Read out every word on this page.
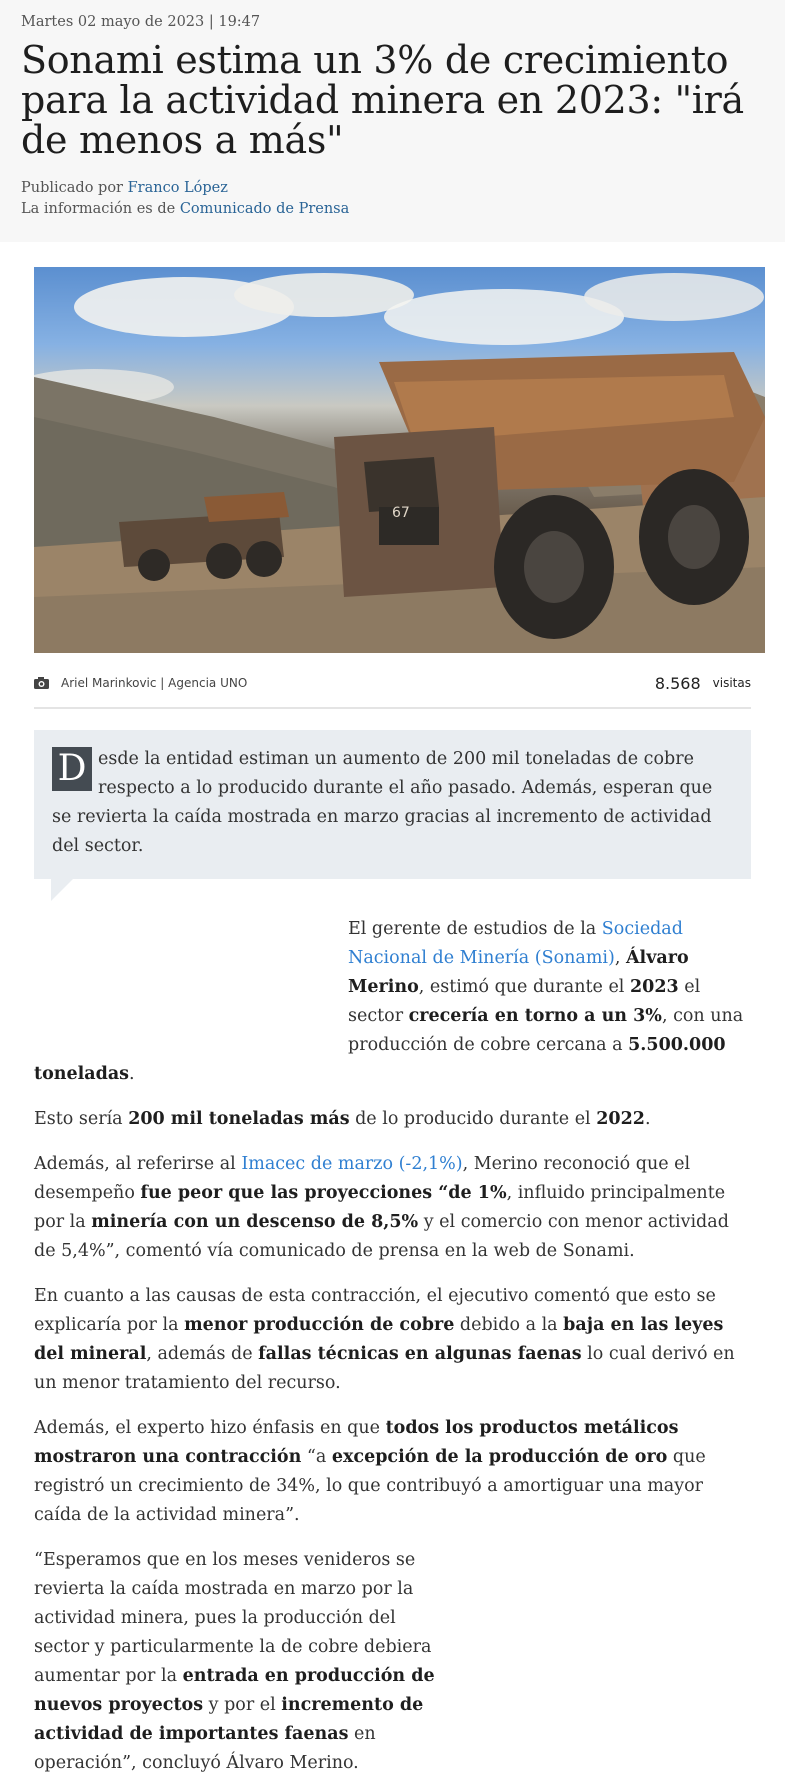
Martes 02 mayo de 2023 | 19:47
Sonami estima un 3% de crecimiento para la actividad minera en 2023: "irá de menos a más"
Publicado por Franco López
La información es de Comunicado de Prensa
67
Ariel Marinkovic | Agencia UNO	8.568 visitas
D esde la entidad estiman un aumento de 200 mil toneladas de cobre respecto a lo producido durante el año pasado. Además, esperan que se revierta la caída mostrada en marzo gracias al incremento de actividad del sector.

El gerente de estudios de la Sociedad Nacional de Minería (Sonami), Álvaro Merino, estimó que durante el 2023 el sector crecería en torno a un 3%, con una producción de cobre cercana a 5.500.000 toneladas.

Esto sería 200 mil toneladas más de lo producido durante el 2022.

Además, al referirse al Imacec de marzo (-2,1%), Merino reconoció que el desempeño fue peor que las proyecciones “de 1%, influido principalmente por la minería con un descenso de 8,5% y el comercio con menor actividad de 5,4%”, comentó vía comunicado de prensa en la web de Sonami.

En cuanto a las causas de esta contracción, el ejecutivo comentó que esto se explicaría por la menor producción de cobre debido a la baja en las leyes del mineral, además de fallas técnicas en algunas faenas lo cual derivó en un menor tratamiento del recurso.

Además, el experto hizo énfasis en que todos los productos metálicos mostraron una contracción “a excepción de la producción de oro que registró un crecimiento de 34%, lo que contribuyó a amortiguar una mayor caída de la actividad minera”.

“Esperamos que en los meses venideros se revierta la caída mostrada en marzo por la actividad minera, pues la producción del sector y particularmente la de cobre debiera aumentar por la entrada en producción de nuevos proyectos y por el incremento de actividad de importantes faenas en operación”, concluyó Álvaro Merino.
